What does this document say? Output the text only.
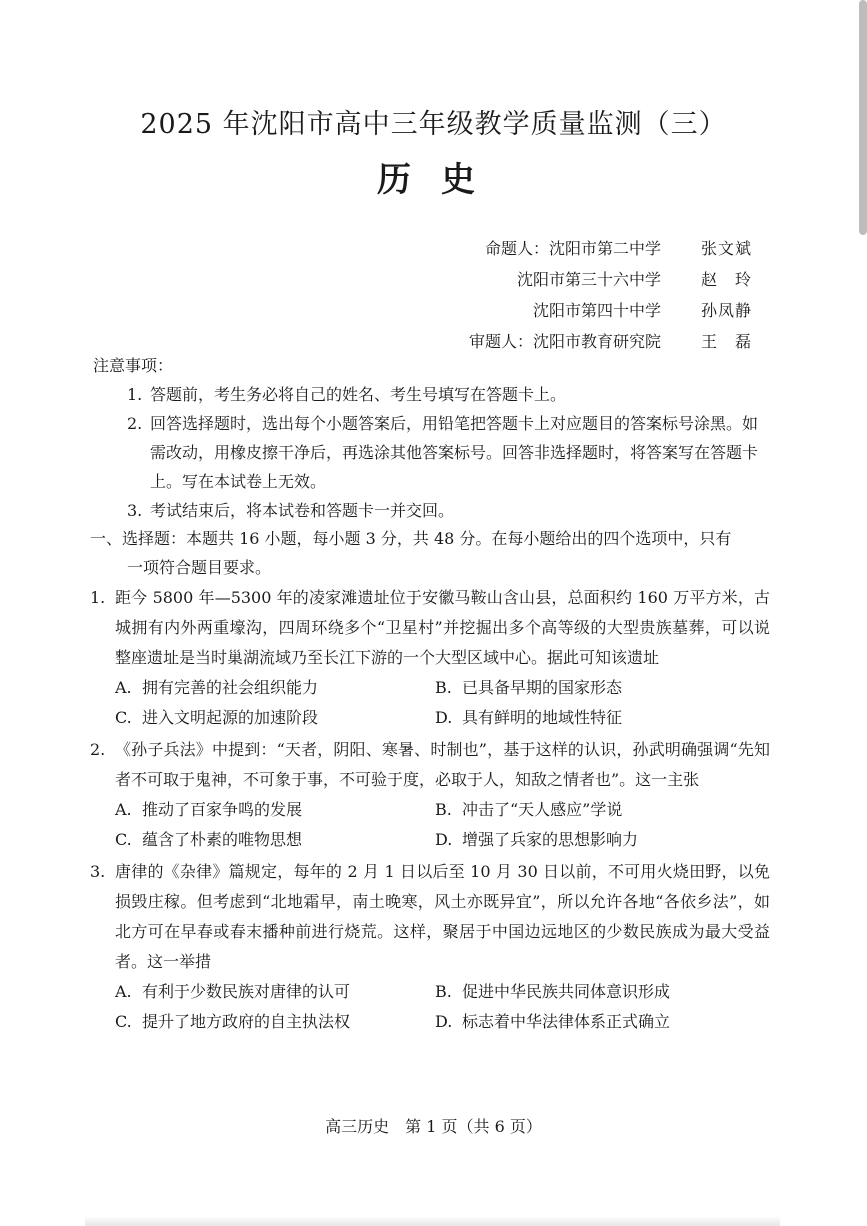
2025 年沈阳市高中三年级教学质量监测（三）
历史
命题人：沈阳市第二中学	张文斌
沈阳市第三十六中学	赵　玲
沈阳市第四十中学	孙凤静
审题人：沈阳市教育研究院	王　磊
注意事项：
1. 答题前，考生务必将自己的姓名、考生号填写在答题卡上。
2. 回答选择题时，选出每个小题答案后，用铅笔把答题卡上对应题目的答案标号涂黑。如需改动，用橡皮擦干净后，再选涂其他答案标号。回答非选择题时，将答案写在答题卡上。写在本试卷上无效。
3. 考试结束后，将本试卷和答题卡一并交回。
一、选择题：本题共 16 小题，每小题 3 分，共 48 分。在每小题给出的四个选项中，只有
一项符合题目要求。
1. 距今 5800 年—5300 年的凌家滩遗址位于安徽马鞍山含山县，总面积约 160 万平方米，古城拥有内外两重壕沟，四周环绕多个“卫星村”并挖掘出多个高等级的大型贵族墓葬，可以说整座遗址是当时巢湖流域乃至长江下游的一个大型区域中心。据此可知该遗址
A. 拥有完善的社会组织能力	B. 已具备早期的国家形态
C. 进入文明起源的加速阶段	D. 具有鲜明的地域性特征
2. 《孙子兵法》中提到：“天者，阴阳、寒暑、时制也”，基于这样的认识，孙武明确强调“先知者不可取于鬼神，不可象于事，不可验于度，必取于人，知敌之情者也”。这一主张
A. 推动了百家争鸣的发展	B. 冲击了“天人感应”学说
C. 蕴含了朴素的唯物思想	D. 增强了兵家的思想影响力
3. 唐律的《杂律》篇规定，每年的 2 月 1 日以后至 10 月 30 日以前，不可用火烧田野，以免损毁庄稼。但考虑到“北地霜早，南土晚寒，风土亦既异宜”，所以允许各地“各依乡法”，如北方可在早春或春末播种前进行烧荒。这样，聚居于中国边远地区的少数民族成为最大受益者。这一举措
A. 有利于少数民族对唐律的认可	B. 促进中华民族共同体意识形成
C. 提升了地方政府的自主执法权	D. 标志着中华法律体系正式确立
高三历史　第 1 页（共 6 页）
